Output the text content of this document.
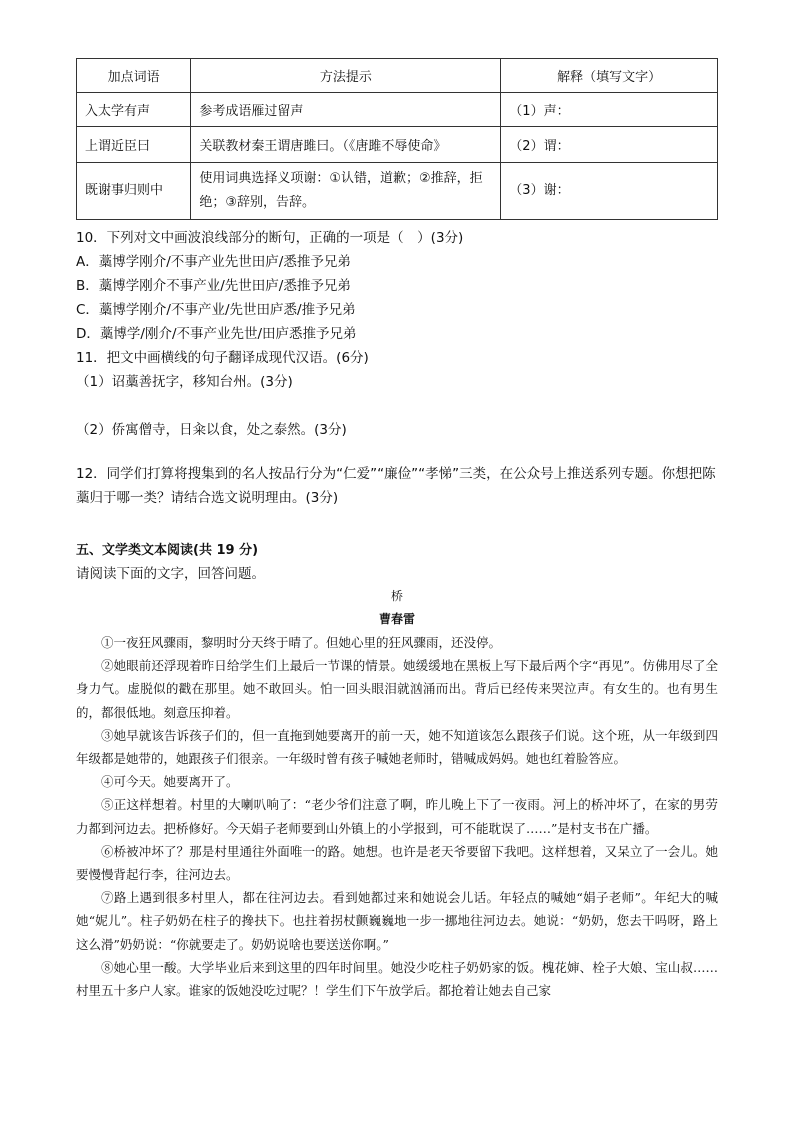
加点词语	方法提示	解释（填写文字）
入太学有声	参考成语雁过留声	（1）声：
上谓近臣曰	关联教材秦王谓唐雎曰。（《唐雎不辱使命》	（2）谓：
既谢事归则中	使用词典选择义项谢：①认错，道歉；②推辞，拒绝；③辞别，告辞。	（3）谢：
10．下列对文中画波浪线部分的断句，正确的一项是（　）(3分)
A．藁博学刚介/不事产业先世田庐/悉推予兄弟
B．藁博学刚介不事产业/先世田庐/悉推予兄弟
C．藁博学刚介/不事产业/先世田庐悉/推予兄弟
D．藁博学/刚介/不事产业先世/田庐悉推予兄弟
11．把文中画横线的句子翻译成现代汉语。(6分)
（1）诏藁善抚字，移知台州。(3分)
（2）侨寓僧寺，日籴以食，处之泰然。(3分)
12．同学们打算将搜集到的名人按品行分为“仁爱”“廉俭”“孝悌”三类，在公众号上推送系列专题。你想把陈藁归于哪一类？请结合选文说明理由。(3分)
五、文学类文本阅读(共 19 分)
请阅读下面的文字，回答问题。
桥
曹春雷

①一夜狂风骤雨，黎明时分天终于晴了。但她心里的狂风骤雨，还没停。

②她眼前还浮现着昨日给学生们上最后一节课的情景。她缓缓地在黑板上写下最后两个字“再见”。仿佛用尽了全身力气。虚脱似的戳在那里。她不敢回头。怕一回头眼泪就汹涌而出。背后已经传来哭泣声。有女生的。也有男生的，都很低地。刻意压抑着。

③她早就该告诉孩子们的，但一直拖到她要离开的前一天，她不知道该怎么跟孩子们说。这个班，从一年级到四年级都是她带的，她跟孩子们很亲。一年级时曾有孩子喊她老师时，错喊成妈妈。她也红着脸答应。

④可今天。她要离开了。

⑤正这样想着。村里的大喇叭响了：“老少爷们注意了啊，昨儿晚上下了一夜雨。河上的桥冲坏了，在家的男劳力都到河边去。把桥修好。今天娟子老师要到山外镇上的小学报到，可不能耽误了……”是村支书在广播。

⑥桥被冲坏了？那是村里通往外面唯一的路。她想。也许是老天爷要留下我吧。这样想着，又呆立了一会儿。她要慢慢背起行李，往河边去。

⑦路上遇到很多村里人，都在往河边去。看到她都过来和她说会儿话。年轻点的喊她“娟子老师”。年纪大的喊她“妮儿”。柱子奶奶在柱子的搀扶下。也拄着拐杖颤巍巍地一步一挪地往河边去。她说：“奶奶，您去干吗呀，路上这么滑”奶奶说：“你就要走了。奶奶说啥也要送送你啊。”

⑧她心里一酸。大学毕业后来到这里的四年时间里。她没少吃柱子奶奶家的饭。槐花婶、栓子大娘、宝山叔……村里五十多户人家。谁家的饭她没吃过呢？！学生们下午放学后。都抢着让她去自己家
